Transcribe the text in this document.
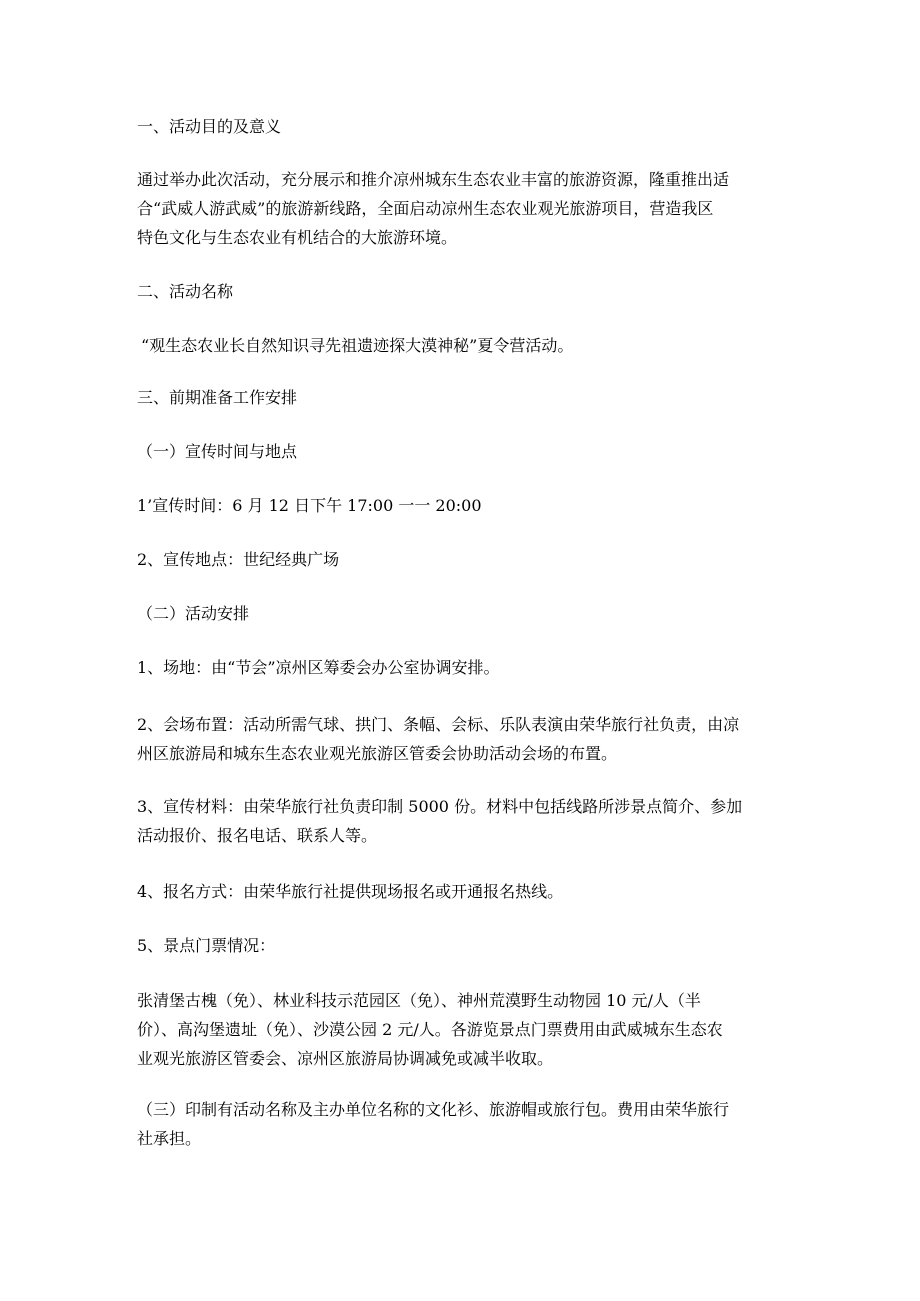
一、活动目的及意义

通过举办此次活动，充分展示和推介凉州城东生态农业丰富的旅游资源，隆重推出适
合“武威人游武威”的旅游新线路，全面启动凉州生态农业观光旅游项目，营造我区
特色文化与生态农业有机结合的大旅游环境。

二、活动名称

“观生态农业长自然知识寻先祖遗迹探大漠神秘”夏令营活动。

三、前期准备工作安排

（一）宣传时间与地点

1’宣传时间：6 月 12 日下午 17:00 一一 20:00

2、宣传地点：世纪经典广场

（二）活动安排

1、场地：由“节会”凉州区筹委会办公室协调安排。

2、会场布置：活动所需气球、拱门、条幅、会标、乐队表演由荣华旅行社负责，由凉
州区旅游局和城东生态农业观光旅游区管委会协助活动会场的布置。

3、宣传材料：由荣华旅行社负责印制 5000 份。材料中包括线路所涉景点简介、参加
活动报价、报名电话、联系人等。

4、报名方式：由荣华旅行社提供现场报名或开通报名热线。

5、景点门票情况：

张清堡古槐（免）、林业科技示范园区（免）、神州荒漠野生动物园 10 元/人（半
价）、高沟堡遗址（免）、沙漠公园 2 元/人。各游览景点门票费用由武威城东生态农
业观光旅游区管委会、凉州区旅游局协调减免或减半收取。

（三）印制有活动名称及主办单位名称的文化衫、旅游帽或旅行包。费用由荣华旅行
社承担。
